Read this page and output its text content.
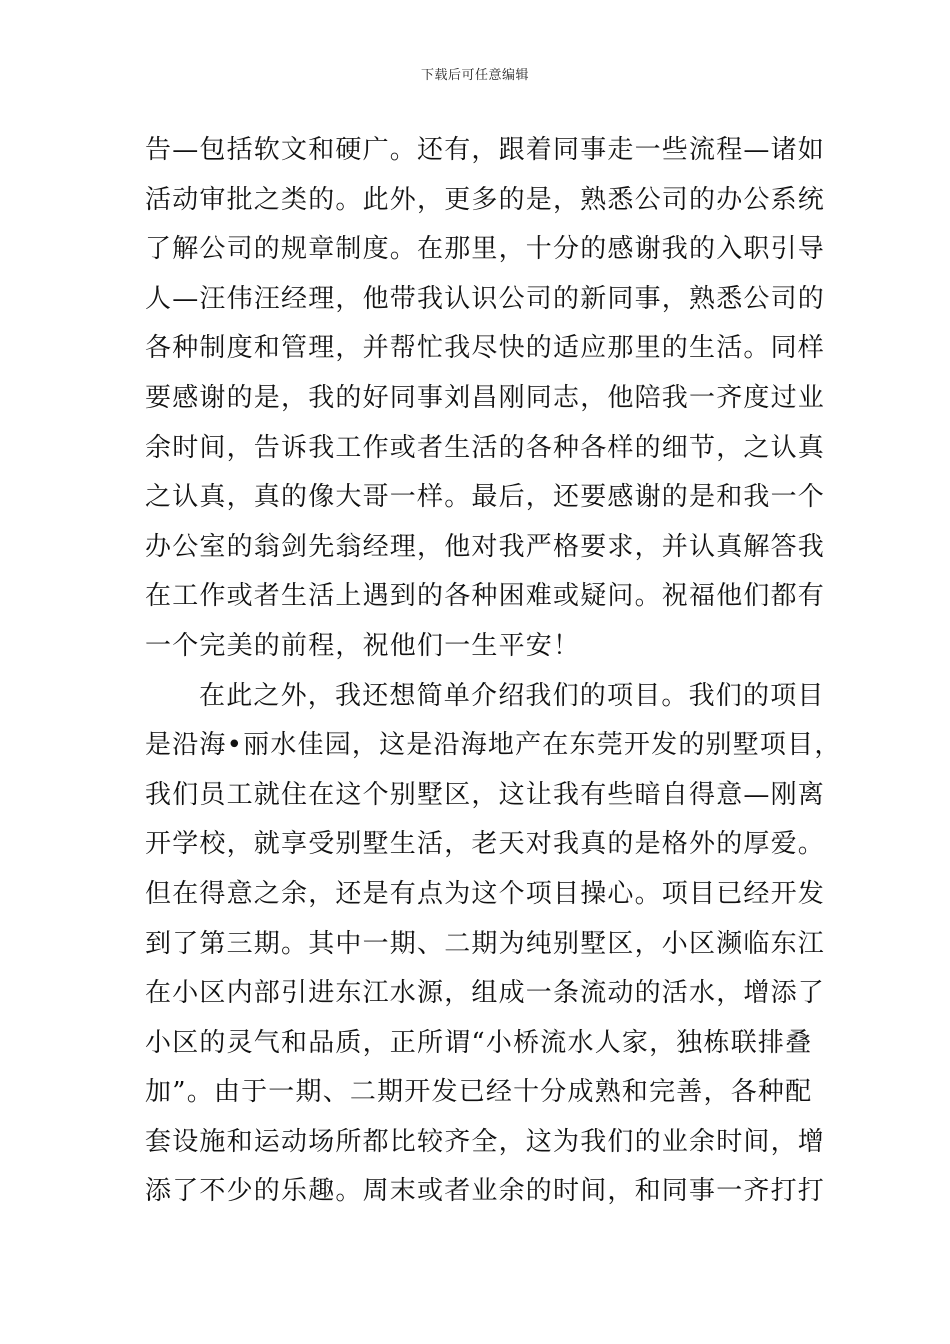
下载后可任意编辑
告—包括软文和硬广。还有，跟着同事走一些流程—诸如
活动审批之类的。此外，更多的是，熟悉公司的办公系统
了解公司的规章制度。在那里，十分的感谢我的入职引导
人—汪伟汪经理，他带我认识公司的新同事，熟悉公司的
各种制度和管理，并帮忙我尽快的适应那里的生活。同样
要感谢的是，我的好同事刘昌刚同志，他陪我一齐度过业
余时间，告诉我工作或者生活的各种各样的细节，之认真
之认真，真的像大哥一样。最后，还要感谢的是和我一个
办公室的翁剑先翁经理，他对我严格要求，并认真解答我
在工作或者生活上遇到的各种困难或疑问。祝福他们都有
一个完美的前程，祝他们一生平安！
在此之外，我还想简单介绍我们的项目。我们的项目
是沿海•丽水佳园，这是沿海地产在东莞开发的别墅项目，
我们员工就住在这个别墅区，这让我有些暗自得意—刚离
开学校，就享受别墅生活，老天对我真的是格外的厚爱。
但在得意之余，还是有点为这个项目操心。项目已经开发
到了第三期。其中一期、二期为纯别墅区，小区濒临东江
在小区内部引进东江水源，组成一条流动的活水，增添了
小区的灵气和品质，正所谓“小桥流水人家，独栋联排叠
加”。由于一期、二期开发已经十分成熟和完善，各种配
套设施和运动场所都比较齐全，这为我们的业余时间，增
添了不少的乐趣。周末或者业余的时间，和同事一齐打打
